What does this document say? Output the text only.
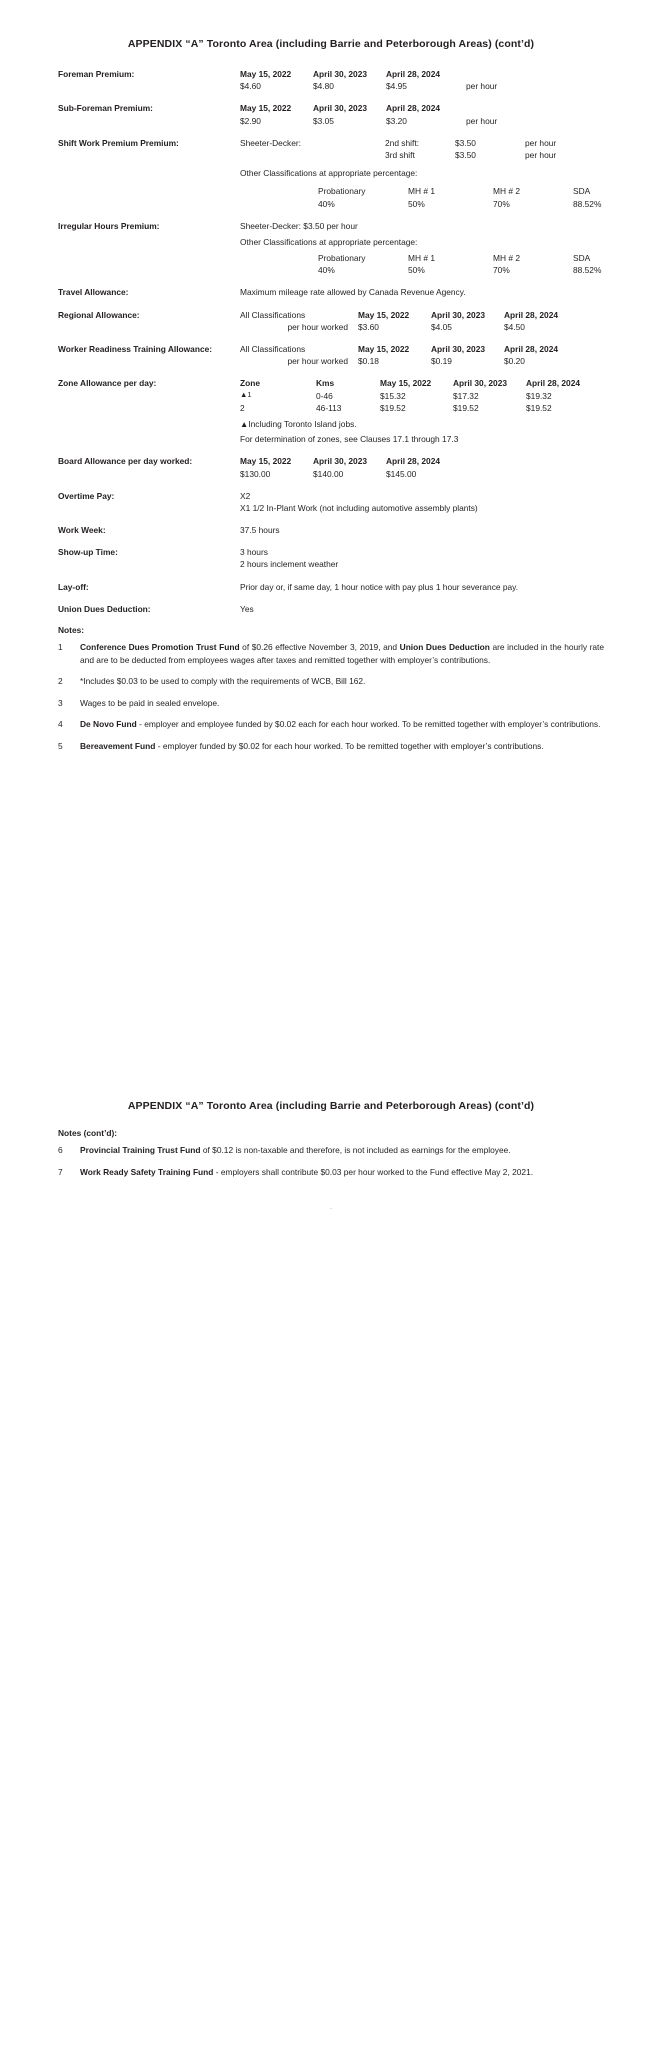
APPENDIX “A” Toronto Area (including Barrie and Peterborough Areas) (cont’d)
Foreman Premium:	May 15, 2022	April 30, 2023	April 28, 2024
$4.60	$4.80	$4.95	per hour
Sub-Foreman Premium:	May 15, 2022	April 30, 2023	April 28, 2024
$2.90	$3.05	$3.20	per hour
Shift Work Premium Premium:	Sheeter-Decker:	2nd shift:	$3.50	per hour
3rd shift	$3.50	per hour
Other Classifications at appropriate percentage:
Probationary	MH # 1	MH # 2	SDA
40%	50%	70%	88.52%
Irregular Hours Premium:	Sheeter-Decker: $3.50 per hour
Other Classifications at appropriate percentage:
Probationary	MH # 1	MH # 2	SDA
40%	50%	70%	88.52%
Travel Allowance:	Maximum mileage rate allowed by Canada Revenue Agency.
Regional Allowance:	All Classifications	May 15, 2022	April 30, 2023	April 28, 2024
per hour worked	$3.60	$4.05	$4.50
Worker Readiness Training Allowance:	All Classifications	May 15, 2022	April 30, 2023	April 28, 2024
per hour worked	$0.18	$0.19	$0.20
Zone Allowance per day:	Zone	Kms	May 15, 2022	April 30, 2023	April 28, 2024
▲1	0-46	$15.32	$17.32	$19.32
2	46-113	$19.52	$19.52	$19.52
▲Including Toronto Island jobs.
For determination of zones, see Clauses 17.1 through 17.3
Board Allowance per day worked:	May 15, 2022	April 30, 2023	April 28, 2024
$130.00	$140.00	$145.00
Overtime Pay:	X2
X1 1/2 In-Plant Work (not including automotive assembly plants)
Work Week:	37.5 hours
Show-up Time:	3 hours
2 hours inclement weather
Lay-off:	Prior day or, if same day, 1 hour notice with pay plus 1 hour severance pay.
Union Dues Deduction:	Yes
Notes:
1	Conference Dues Promotion Trust Fund of $0.26 effective November 3, 2019, and Union Dues Deduction are included in the hourly rate and are to be deducted from employees wages after taxes and remitted together with employer’s contributions.
2	*Includes $0.03 to be used to comply with the requirements of WCB, Bill 162.
3	Wages to be paid in sealed envelope.
4	De Novo Fund - employer and employee funded by $0.02 each for each hour worked. To be remitted together with employer’s contributions.
5	Bereavement Fund - employer funded by $0.02 for each hour worked. To be remitted together with employer’s contributions.
APPENDIX “A” Toronto Area (including Barrie and Peterborough Areas) (cont’d)
Notes (cont’d):
6	Provincial Training Trust Fund of $0.12 is non-taxable and therefore, is not included as earnings for the employee.
7	Work Ready Safety Training Fund - employers shall contribute $0.03 per hour worked to the Fund effective May 2, 2021.
.
